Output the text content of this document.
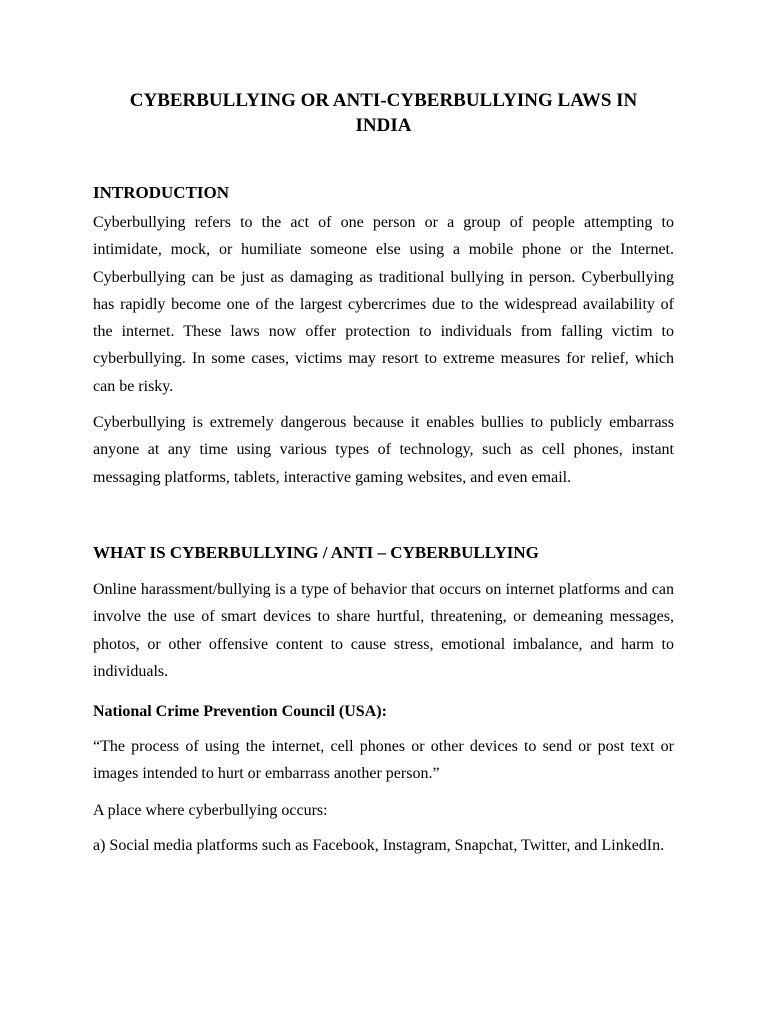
CYBERBULLYING OR ANTI-CYBERBULLYING LAWS IN INDIA
INTRODUCTION

Cyberbullying refers to the act of one person or a group of people attempting to intimidate, mock, or humiliate someone else using a mobile phone or the Internet. Cyberbullying can be just as damaging as traditional bullying in person. Cyberbullying has rapidly become one of the largest cybercrimes due to the widespread availability of the internet. These laws now offer protection to individuals from falling victim to cyberbullying. In some cases, victims may resort to extreme measures for relief, which can be risky.

Cyberbullying is extremely dangerous because it enables bullies to publicly embarrass anyone at any time using various types of technology, such as cell phones, instant messaging platforms, tablets, interactive gaming websites, and even email.

WHAT IS CYBERBULLYING / ANTI – CYBERBULLYING

Online harassment/bullying is a type of behavior that occurs on internet platforms and can involve the use of smart devices to share hurtful, threatening, or demeaning messages, photos, or other offensive content to cause stress, emotional imbalance, and harm to individuals.

National Crime Prevention Council (USA):

“The process of using the internet, cell phones or other devices to send or post text or images intended to hurt or embarrass another person.”

A place where cyberbullying occurs:

a) Social media platforms such as Facebook, Instagram, Snapchat, Twitter, and LinkedIn.
